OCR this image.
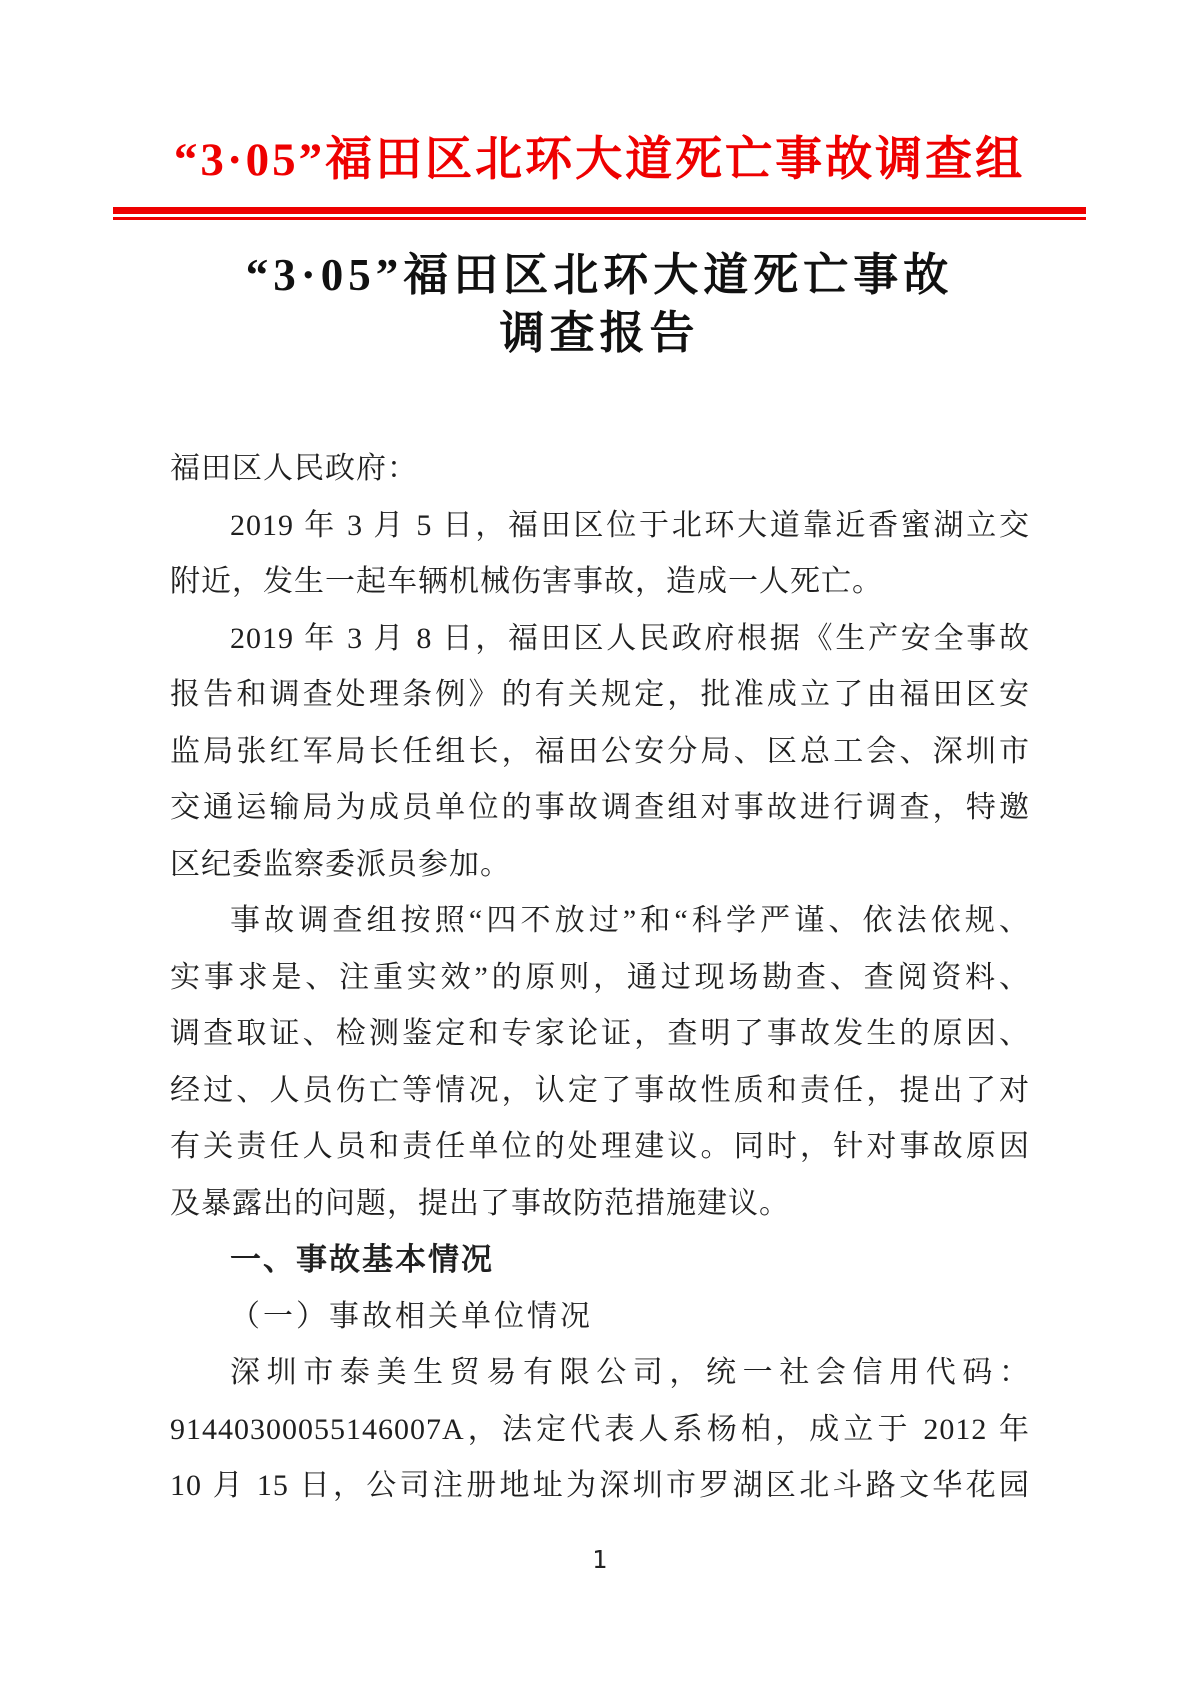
“3·05”福田区北环大道死亡事故调查组
“3·05”福田区北环大道死亡事故
调查报告
福田区人民政府：
2019 年 3 月 5 日，福田区位于北环大道靠近香蜜湖立交
附近，发生一起车辆机械伤害事故，造成一人死亡。
2019 年 3 月 8 日，福田区人民政府根据《生产安全事故
报告和调查处理条例》的有关规定，批准成立了由福田区安
监局张红军局长任组长，福田公安分局、区总工会、深圳市
交通运输局为成员单位的事故调查组对事故进行调查，特邀
区纪委监察委派员参加。
事故调查组按照“四不放过”和“科学严谨、依法依规、
实事求是、注重实效”的原则，通过现场勘查、查阅资料、
调查取证、检测鉴定和专家论证，查明了事故发生的原因、
经过、人员伤亡等情况，认定了事故性质和责任，提出了对
有关责任人员和责任单位的处理建议。同时，针对事故原因
及暴露出的问题，提出了事故防范措施建议。
一、事故基本情况
（一）事故相关单位情况
深圳市泰美生贸易有限公司，统一社会信用代码：
91440300055146007A，法定代表人系杨柏，成立于 2012 年
10 月 15 日，公司注册地址为深圳市罗湖区北斗路文华花园
1
